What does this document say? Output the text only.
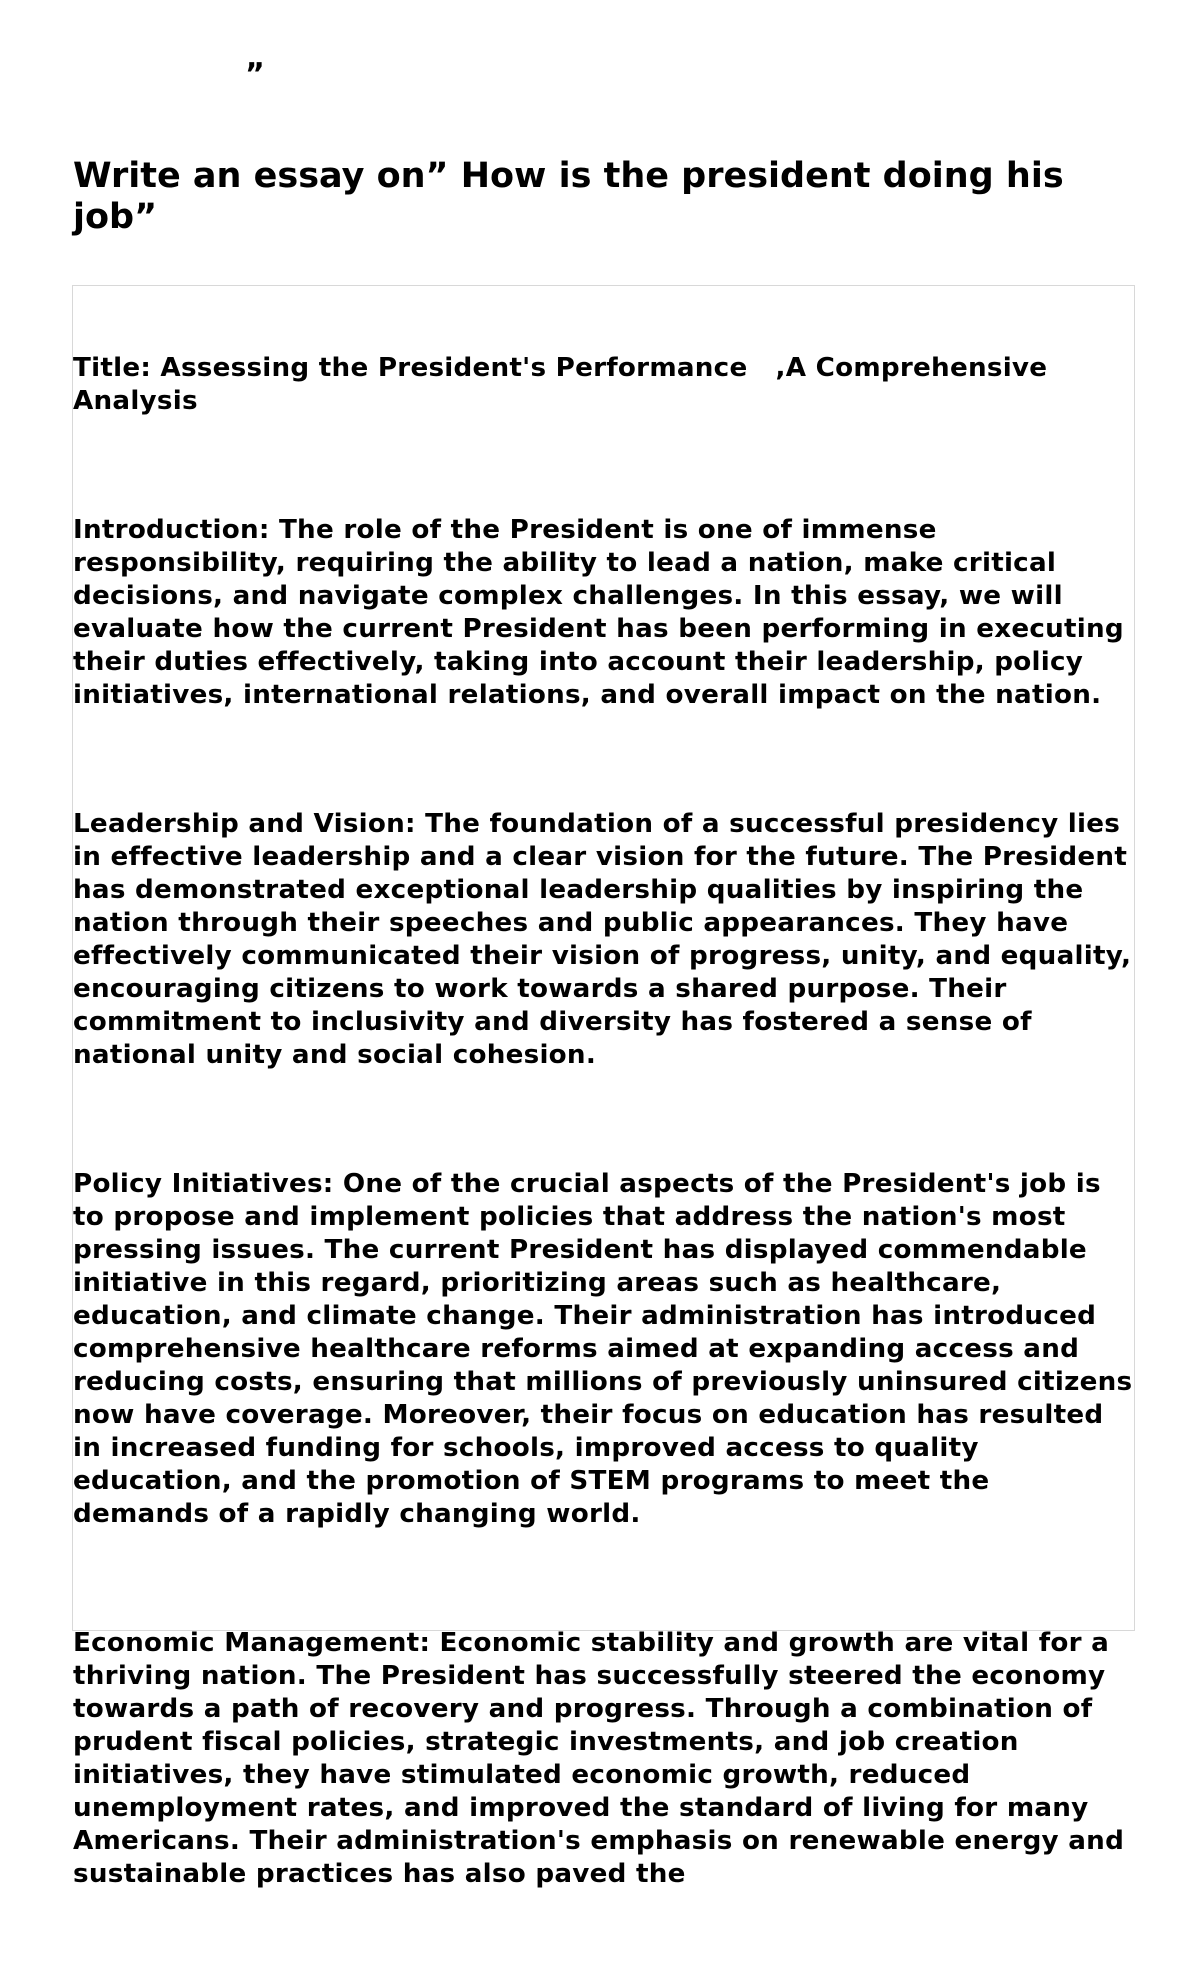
”
Write an essay on” How is the president doing his job”

Title: Assessing the President's Performance   ,A Comprehensive Analysis

Introduction: The role of the President is one of immense responsibility, requiring the ability to lead a nation, make critical decisions, and navigate complex challenges. In this essay, we will evaluate how the current President has been performing in executing their duties effectively, taking into account their leadership, policy initiatives, international relations, and overall impact on the nation.

Leadership and Vision: The foundation of a successful presidency lies in effective leadership and a clear vision for the future. The President has demonstrated exceptional leadership qualities by inspiring the nation through their speeches and public appearances. They have effectively communicated their vision of progress, unity, and equality, encouraging citizens to work towards a shared purpose. Their commitment to inclusivity and diversity has fostered a sense of national unity and social cohesion.

Policy Initiatives: One of the crucial aspects of the President's job is to propose and implement policies that address the nation's most pressing issues. The current President has displayed commendable initiative in this regard, prioritizing areas such as healthcare, education, and climate change. Their administration has introduced comprehensive healthcare reforms aimed at expanding access and reducing costs, ensuring that millions of previously uninsured citizens now have coverage. Moreover, their focus on education has resulted in increased funding for schools, improved access to quality education, and the promotion of STEM programs to meet the demands of a rapidly changing world.

Economic Management: Economic stability and growth are vital for a thriving nation. The President has successfully steered the economy towards a path of recovery and progress. Through a combination of prudent fiscal policies, strategic investments, and job creation initiatives, they have stimulated economic growth, reduced unemployment rates, and improved the standard of living for many Americans. Their administration's emphasis on renewable energy and sustainable practices has also paved the
